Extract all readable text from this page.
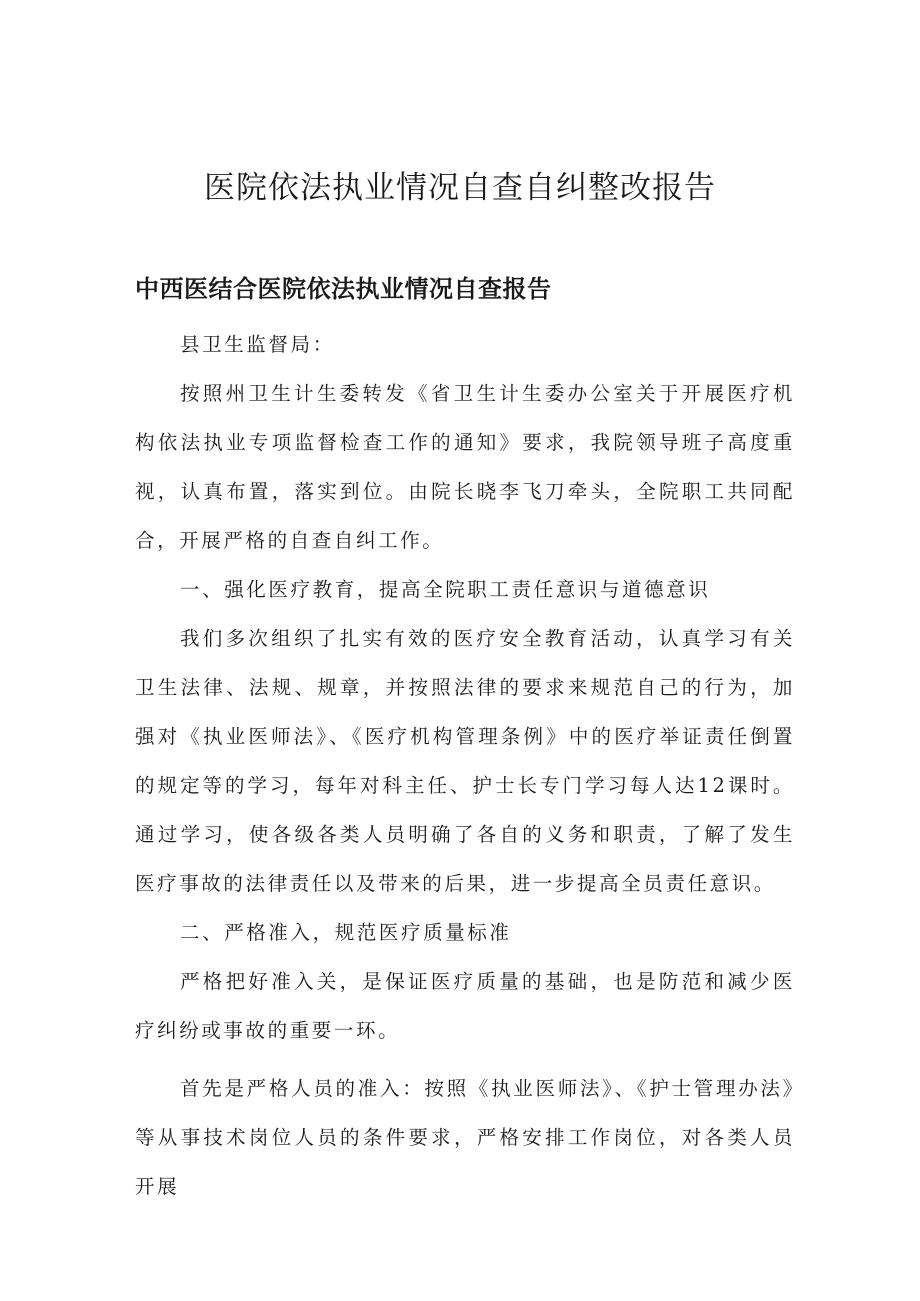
医院依法执业情况自查自纠整改报告
中西医结合医院依法执业情况自查报告

县卫生监督局：

按照州卫生计生委转发《省卫生计生委办公室关于开展医疗机构依法执业专项监督检查工作的通知》要求，我院领导班子高度重视，认真布置，落实到位。由院长晓李飞刀牵头，全院职工共同配合，开展严格的自查自纠工作。

一、强化医疗教育，提高全院职工责任意识与道德意识

我们多次组织了扎实有效的医疗安全教育活动，认真学习有关卫生法律、法规、规章，并按照法律的要求来规范自己的行为，加强对《执业医师法》、《医疗机构管理条例》中的医疗举证责任倒置的规定等的学习，每年对科主任、护士长专门学习每人达12课时。通过学习，使各级各类人员明确了各自的义务和职责，了解了发生医疗事故的法律责任以及带来的后果，进一步提高全员责任意识。

二、严格准入，规范医疗质量标准

严格把好准入关，是保证医疗质量的基础，也是防范和减少医疗纠纷或事故的重要一环。

首先是严格人员的准入：按照《执业医师法》、《护士管理办法》等从事技术岗位人员的条件要求，严格安排工作岗位，对各类人员开展
